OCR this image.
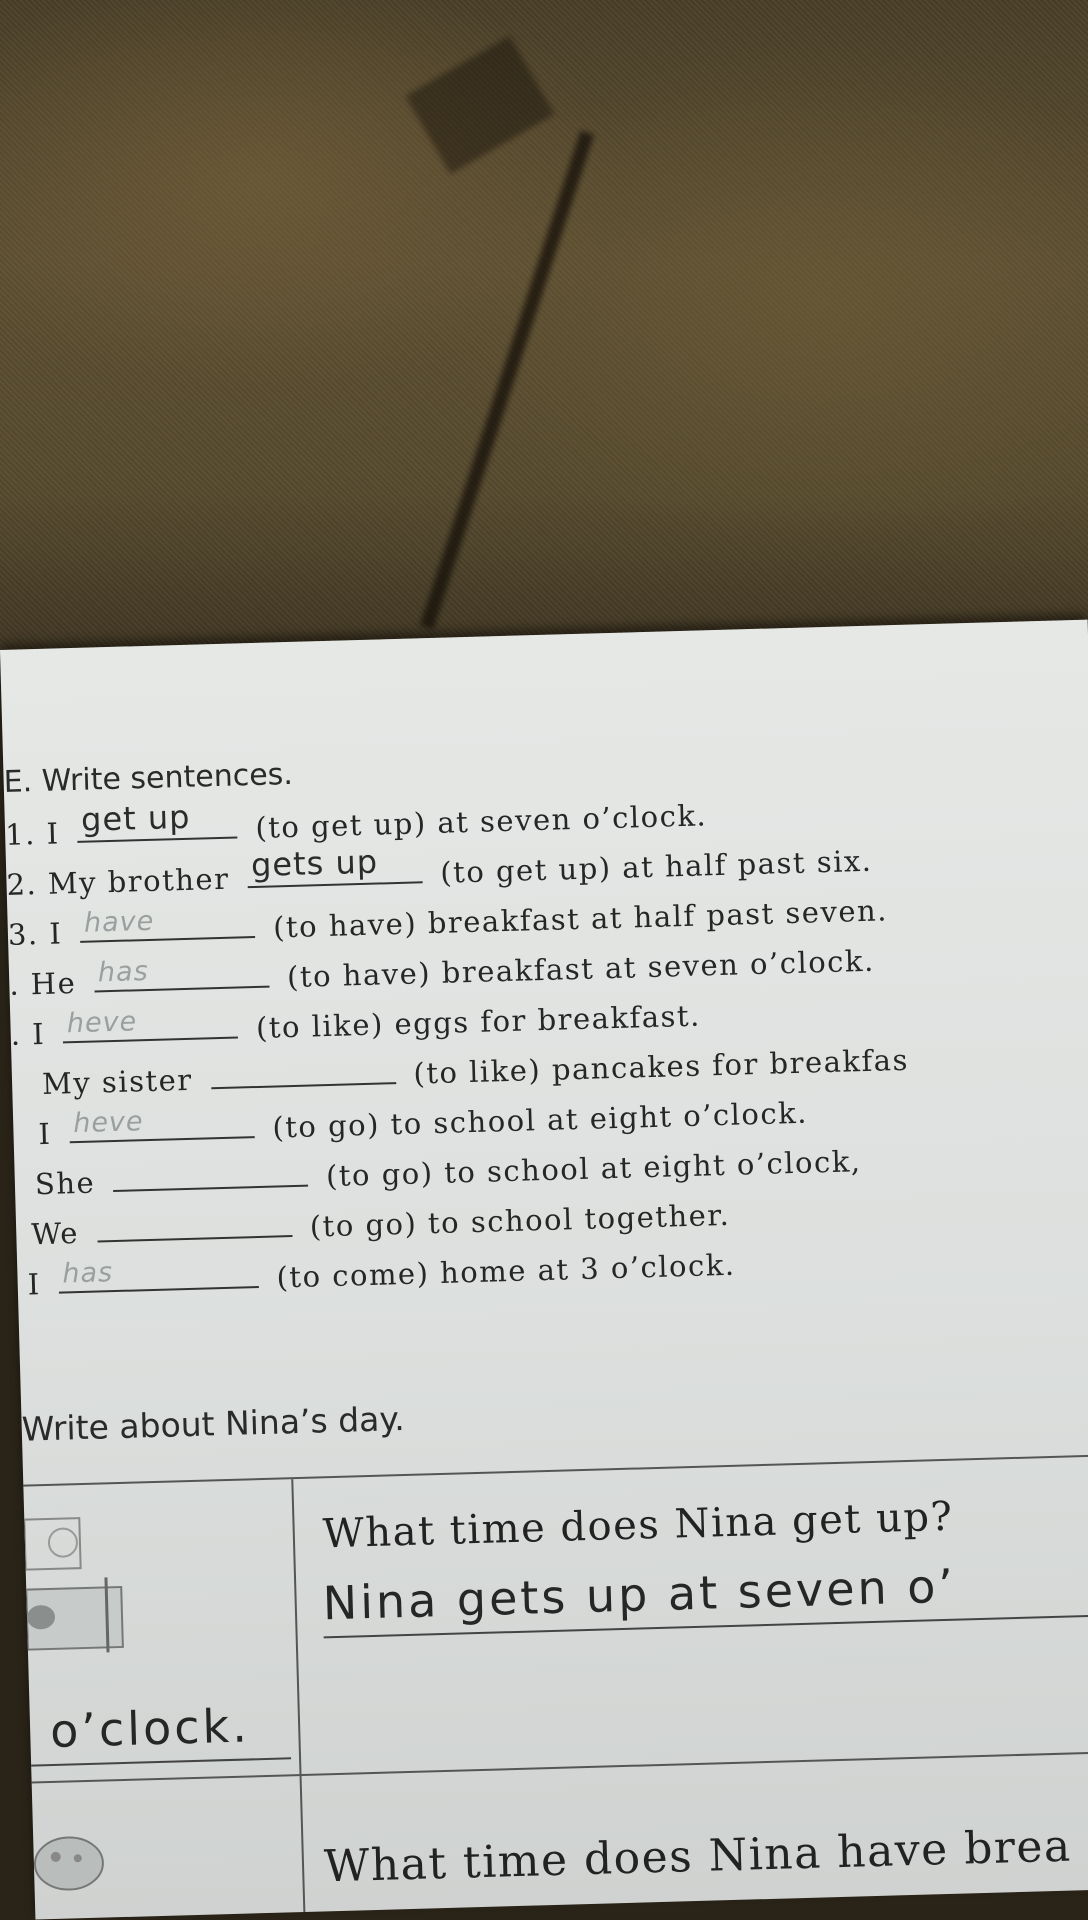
E. Write sentences.
1. I get up (to get up) at seven o’clock.
2. My brother gets up (to get up) at half past six.
3. I have	(to have) breakfast at half past seven.
. He has	(to have) breakfast at seven o’clock.
. I heve	(to like) eggs for breakfast.
My sister	(to like) pancakes for breakfas
I heve	(to go) to school at eight o’clock.
She	(to go) to school at eight o’clock,
We	(to go) to school together.
I has	(to come) home at 3 o’clock.
Write about Nina’s day.
What time does Nina get up?
Nina gets up at seven o’
o’clock.
What time does Nina have brea
